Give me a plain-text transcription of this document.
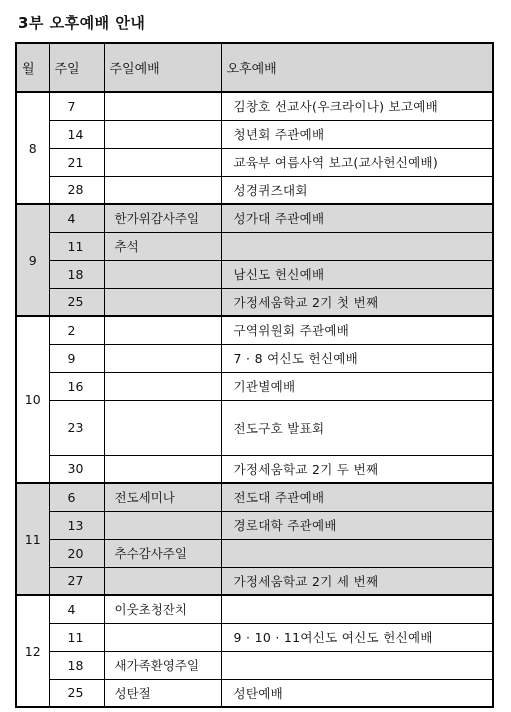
3부 오후예배 안내
월	주일	주일예배	오후예배
8	7		김창호 선교사(우크라이나) 보고예배
	14		청년회 주관예배
	21		교육부 여름사역 보고(교사헌신예배)
	28		성경퀴즈대회
9	4	한가위감사주일	성가대 주관예배
	11	추석	
	18		남신도 헌신예배
	25		가정세움학교 2기 첫 번째
10	2		구역위원회 주관예배
	9		7 · 8 여신도 헌신예배
	16		기관별예배
	23		전도구호 발표회
	30		가정세움학교 2기 두 번째
11	6	전도세미나	전도대 주관예배
	13		경로대학 주관예배
	20	추수감사주일	
	27		가정세움학교 2기 세 번째
12	4	이웃초청잔치	
	11		9 · 10 · 11여신도 여신도 헌신예배
	18	새가족환영주일	
	25	성탄절	성탄예배
